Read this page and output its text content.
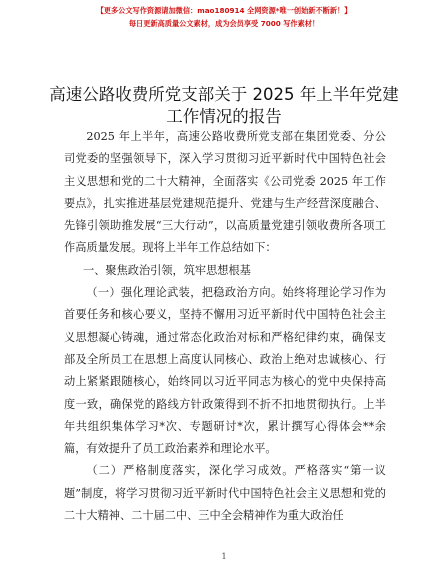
【更多公文写作资源请加微信：mao180914 全网资源*唯一创始新不断新！】
每日更新高质量公文素材，成为会员享受 7000 写作素材！
高速公路收费所党支部关于 2025 年上半年党建
工作情况的报告

2025 年上半年，高速公路收费所党支部在集团党委、分公司党委的坚强领导下，深入学习贯彻习近平新时代中国特色社会主义思想和党的二十大精神，全面落实《公司党委 2025 年工作要点》，扎实推进基层党建规范提升、党建与生产经营深度融合、先锋引领助推发展“三大行动”，以高质量党建引领收费所各项工作高质量发展。现将上半年工作总结如下：

一、聚焦政治引领，筑牢思想根基

（一）强化理论武装，把稳政治方向。始终将理论学习作为首要任务和核心要义，坚持不懈用习近平新时代中国特色社会主义思想凝心铸魂，通过常态化政治对标和严格纪律约束，确保支部及全所员工在思想上高度认同核心、政治上绝对忠诚核心、行动上紧紧跟随核心，始终同以习近平同志为核心的党中央保持高度一致，确保党的路线方针政策得到不折不扣地贯彻执行。上半年共组织集体学习*次、专题研讨*次，累计撰写心得体会**余篇，有效提升了员工政治素养和理论水平。

（二）严格制度落实，深化学习成效。严格落实“第一议题”制度，将学习贯彻习近平新时代中国特色社会主义思想和党的二十大精神、二十届二中、三中全会精神作为重大政治任

1
